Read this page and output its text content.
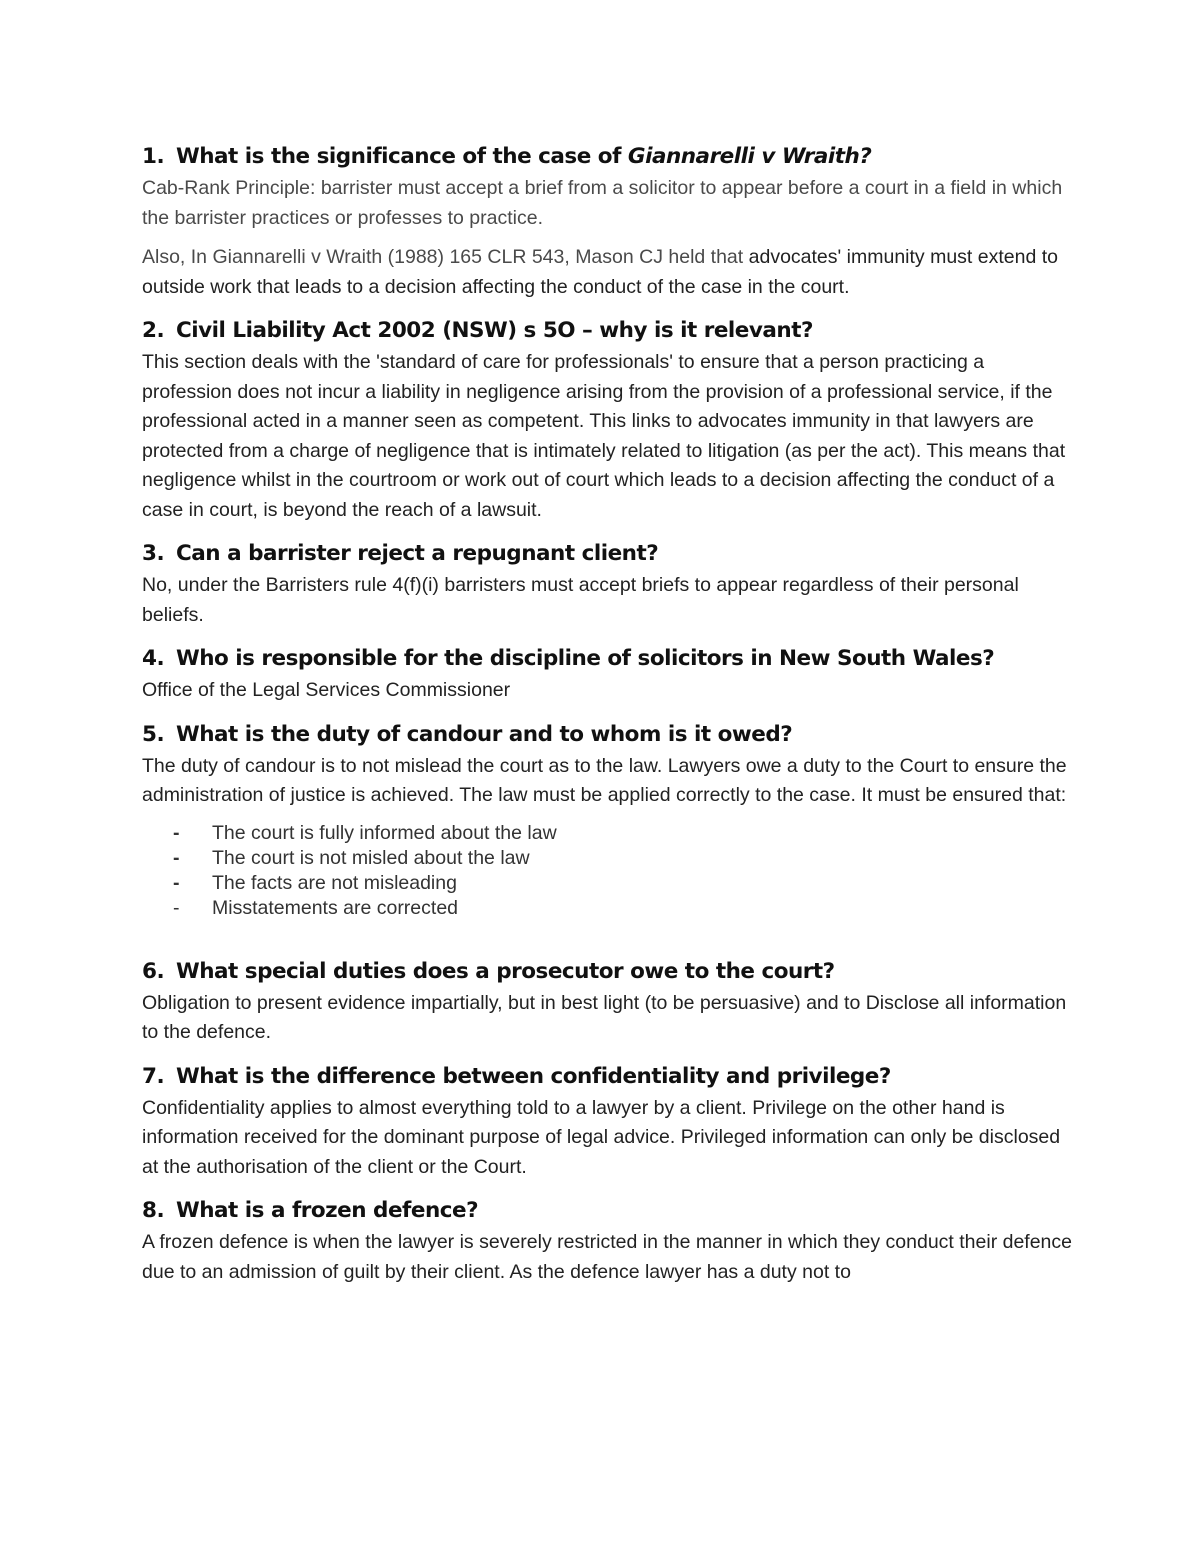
1. What is the significance of the case of Giannarelli v Wraith?

Cab-Rank Principle: barrister must accept a brief from a solicitor to appear before a court in a field in which the barrister practices or professes to practice.

Also, In Giannarelli v Wraith (1988) 165 CLR 543, Mason CJ held that advocates' immunity must extend to outside work that leads to a decision affecting the conduct of the case in the court.

2. Civil Liability Act 2002 (NSW) s 5O – why is it relevant?

This section deals with the 'standard of care for professionals' to ensure that a person practicing a profession does not incur a liability in negligence arising from the provision of a professional service, if the professional acted in a manner seen as competent. This links to advocates immunity in that lawyers are protected from a charge of negligence that is intimately related to litigation (as per the act). This means that negligence whilst in the courtroom or work out of court which leads to a decision affecting the conduct of a case in court, is beyond the reach of a lawsuit.

3. Can a barrister reject a repugnant client?

No, under the Barristers rule 4(f)(i) barristers must accept briefs to appear regardless of their personal beliefs.

4. Who is responsible for the discipline of solicitors in New South Wales?

Office of the Legal Services Commissioner

5. What is the duty of candour and to whom is it owed?

The duty of candour is to not mislead the court as to the law. Lawyers owe a duty to the Court to ensure the administration of justice is achieved. The law must be applied correctly to the case. It must be ensured that:

- The court is fully informed about the law
- The court is not misled about the law
- The facts are not misleading
- Misstatements are corrected

6. What special duties does a prosecutor owe to the court?

Obligation to present evidence impartially, but in best light (to be persuasive) and to Disclose all information to the defence.

7. What is the difference between confidentiality and privilege?

Confidentiality applies to almost everything told to a lawyer by a client. Privilege on the other hand is information received for the dominant purpose of legal advice. Privileged information can only be disclosed at the authorisation of the client or the Court.

8. What is a frozen defence?

A frozen defence is when the lawyer is severely restricted in the manner in which they conduct their defence due to an admission of guilt by their client. As the defence lawyer has a duty not to
